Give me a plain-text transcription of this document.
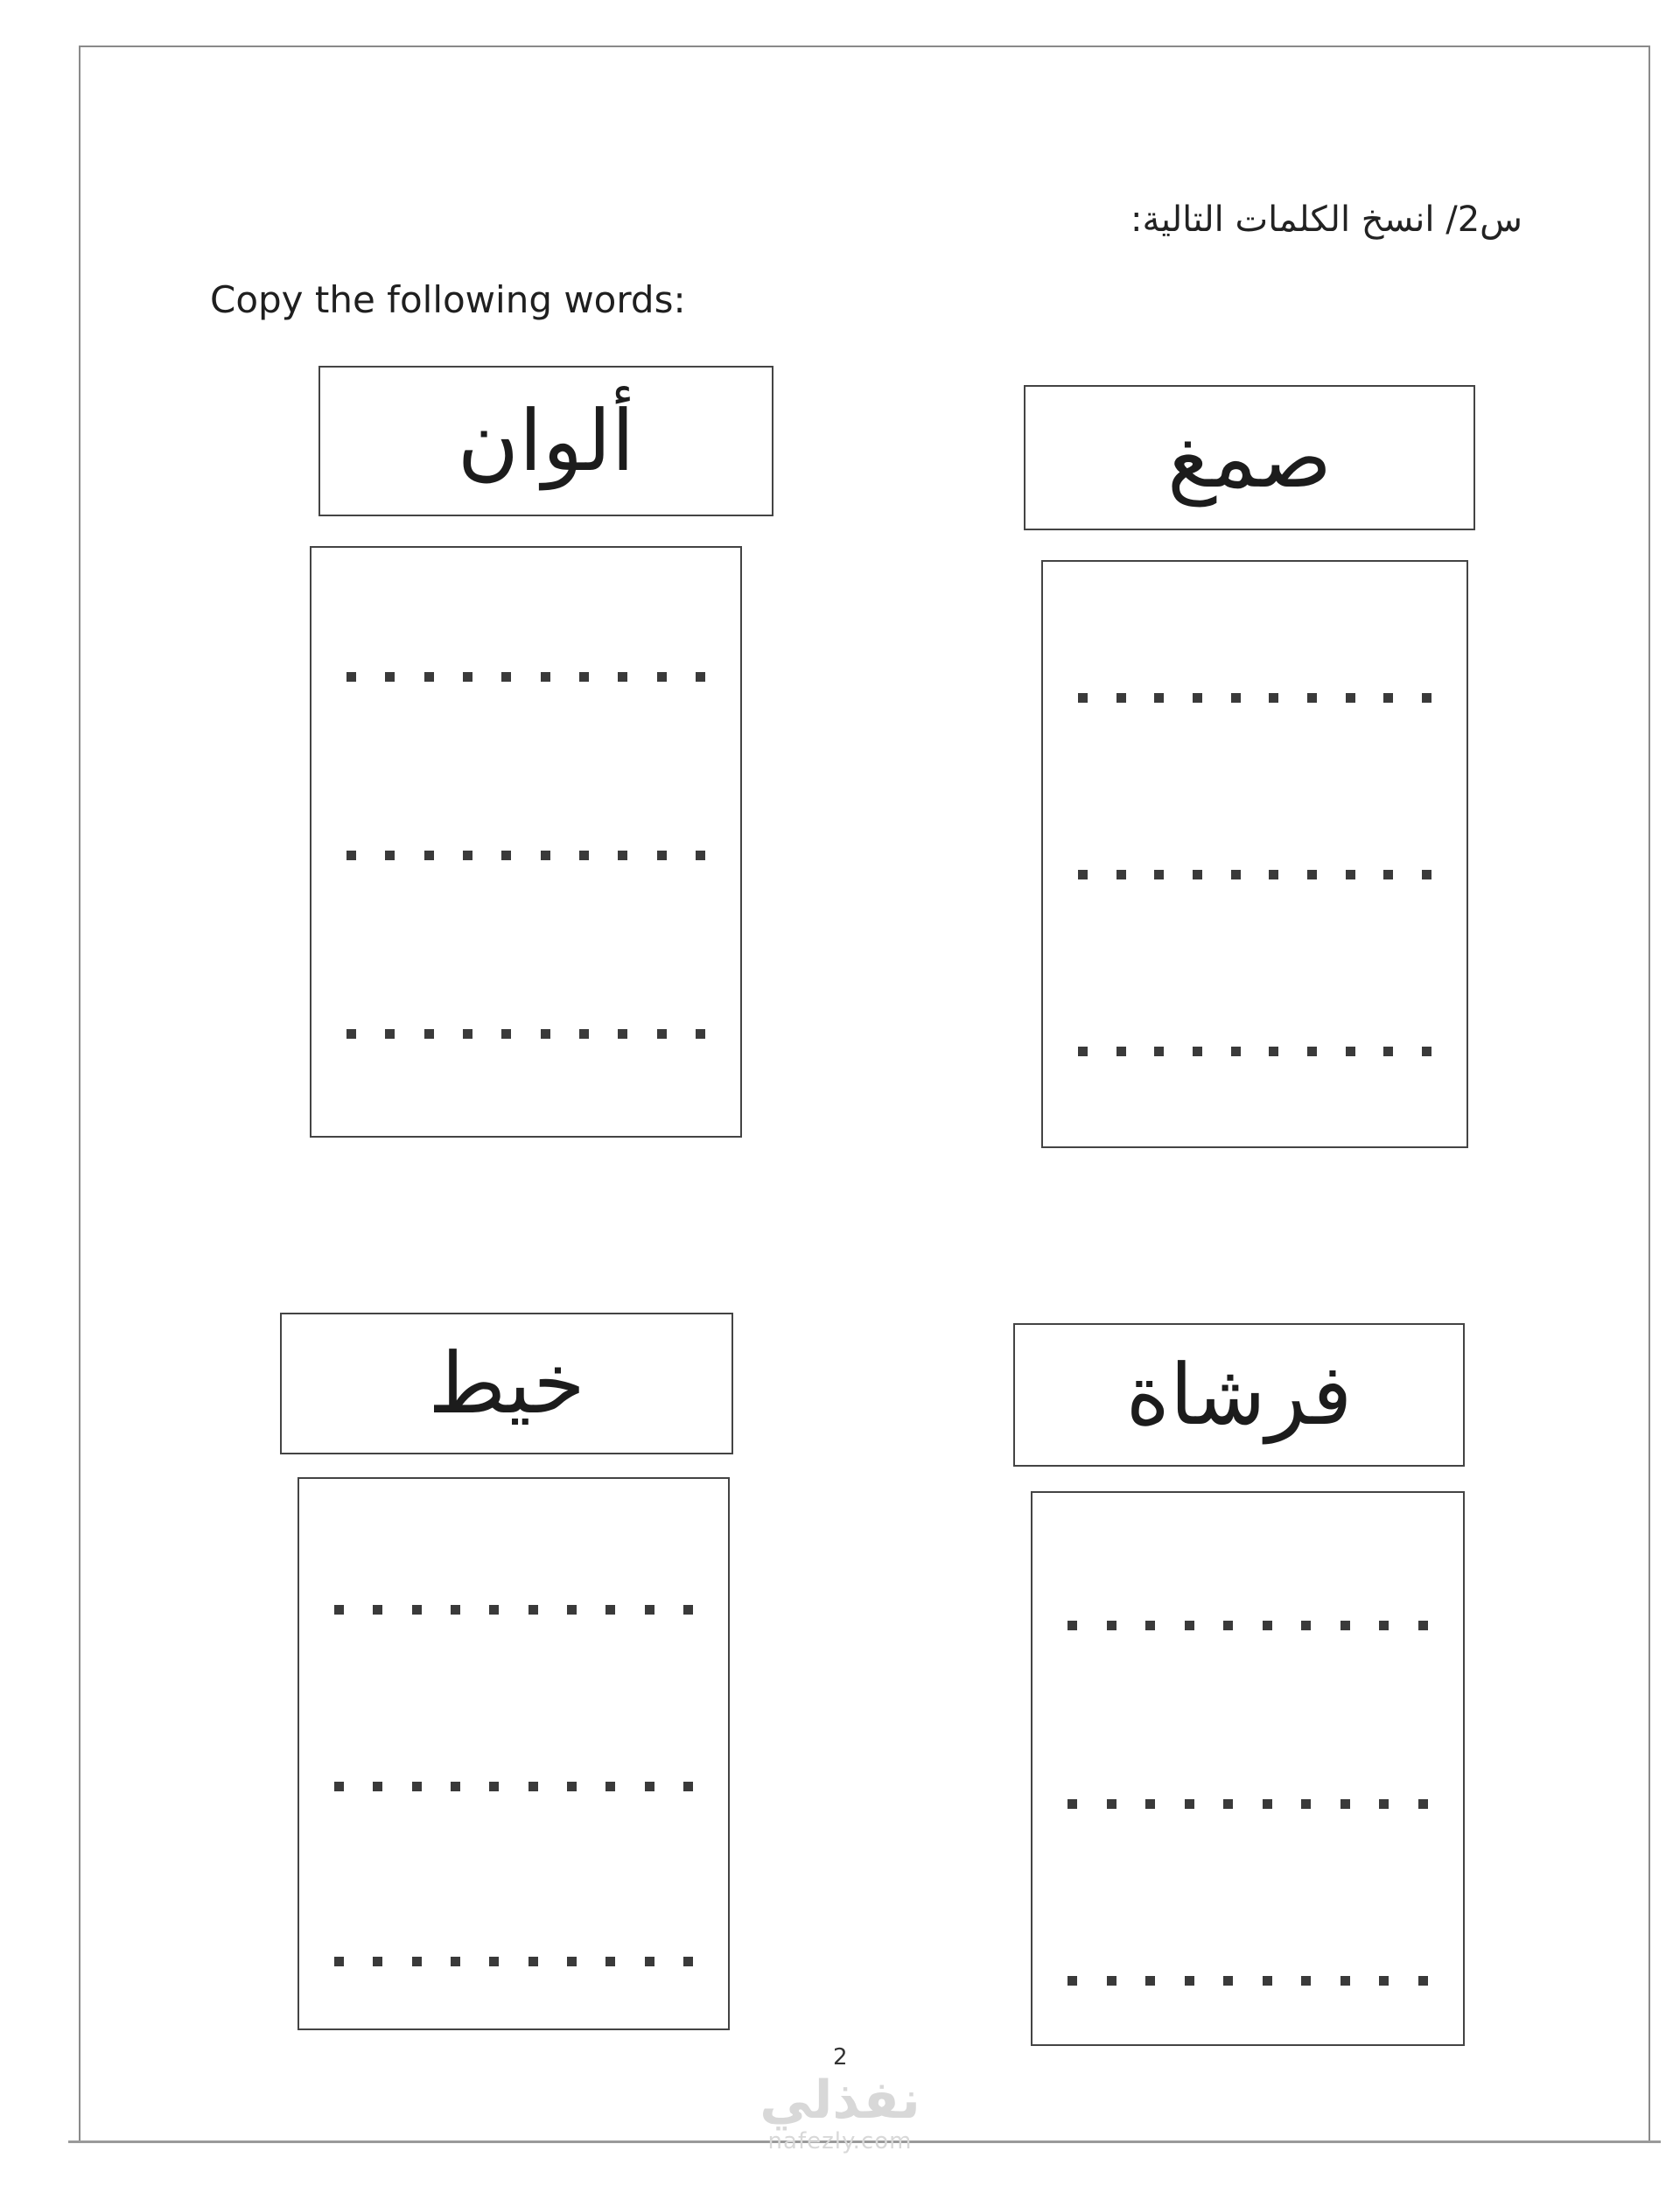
س2/ انسخ الكلمات التالية:
Copy the following words:
ألوان	صمغ
خيط	فرشاة
2
نفذلي
nafezly.com
